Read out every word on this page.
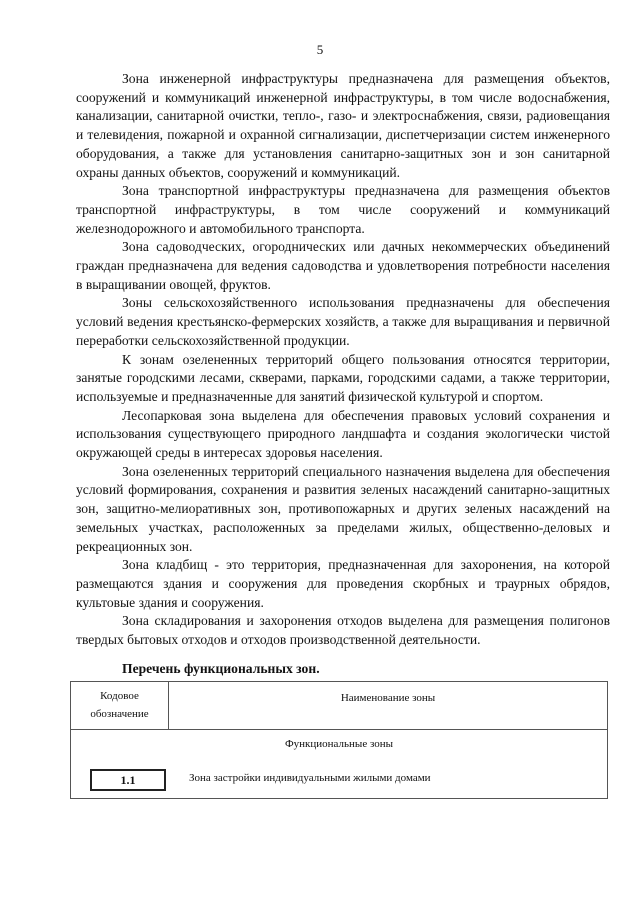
5

Зона инженерной инфраструктуры предназначена для размещения объектов, сооружений и коммуникаций инженерной инфраструктуры, в том числе водоснабжения, канализации, санитарной очистки, тепло-, газо- и электроснабжения, связи, радиовещания и телевидения, пожарной и охранной сигнализации, диспетчеризации систем инженерного оборудования, а также для установления санитарно-защитных зон и зон санитарной охраны данных объектов, сооружений и коммуникаций.

Зона транспортной инфраструктуры предназначена для размещения объектов транспортной инфраструктуры, в том числе сооружений и коммуникаций железнодорожного и автомобильного транспорта.

Зона садоводческих, огороднических или дачных некоммерческих объединений граждан предназначена для ведения садоводства и удовлетворения потребности населения в выращивании овощей, фруктов.

Зоны сельскохозяйственного использования предназначены для обеспечения условий ведения крестьянско-фермерских хозяйств, а также для выращивания и первичной переработки сельскохозяйственной продукции.

К зонам озелененных территорий общего пользования относятся территории, занятые городскими лесами, скверами, парками, городскими садами, а также территории, используемые и предназначенные для занятий физической культурой и спортом.

Лесопарковая зона выделена для обеспечения правовых условий сохранения и использования существующего природного ландшафта и создания экологически чистой окружающей среды в интересах здоровья населения.

Зона озелененных территорий специального назначения выделена для обеспечения условий формирования, сохранения и развития зеленых насаждений санитарно-защитных зон, защитно-мелиоративных зон, противопожарных и других зеленых насаждений на земельных участках, расположенных за пределами жилых, общественно-деловых и рекреационных зон.

Зона кладбищ - это территория, предназначенная для захоронения, на которой размещаются здания и сооружения для проведения скорбных и траурных обрядов, культовые здания и сооружения.

Зона складирования и захоронения отходов выделена для размещения полигонов твердых бытовых отходов и отходов производственной деятельности.

Перечень функциональных зон.
Кодовое
обозначение
Наименование зоны
Функциональные зоны
1.1	Зона застройки индивидуальными жилыми домами
